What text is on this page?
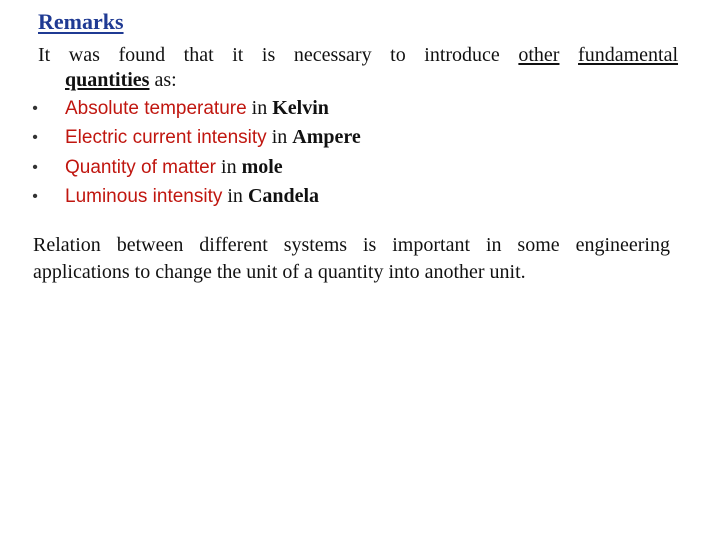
Remarks
It was found that it is necessary to introduce other fundamental
quantities as:
• Absolute temperature in Kelvin
• Electric current intensity in Ampere
• Quantity of matter in mole
• Luminous intensity in Candela
Relation between different systems is important in some engineering applications to change the unit of a quantity into another unit.
